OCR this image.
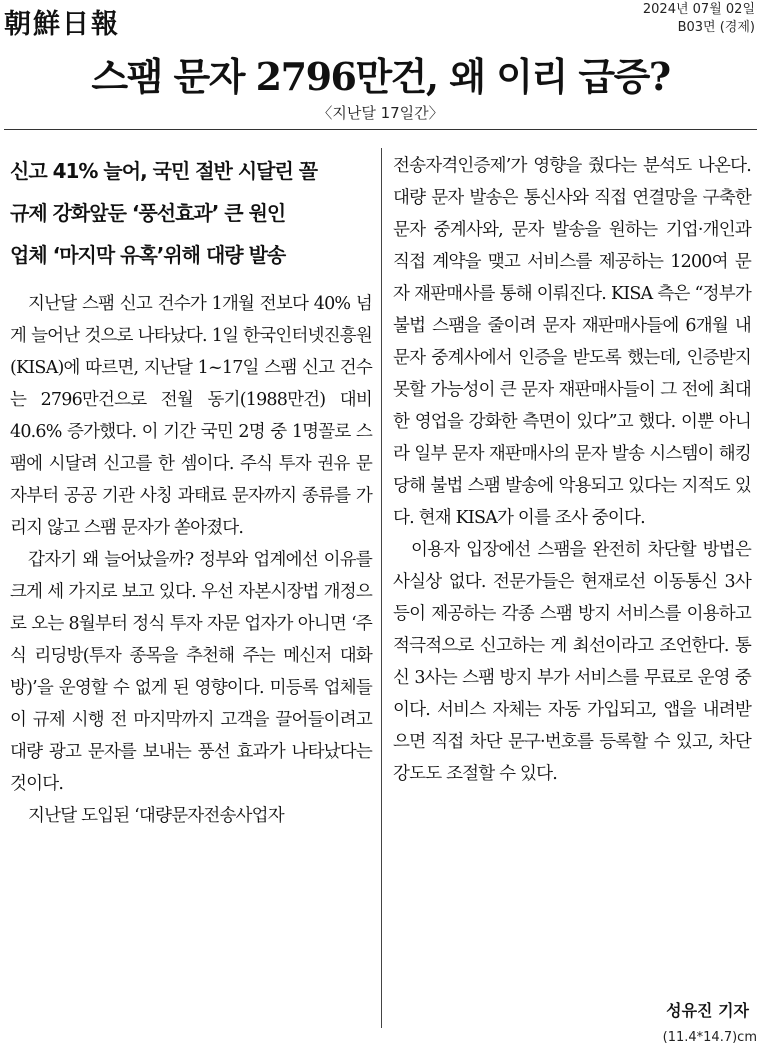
朝鮮日報	2024년 07월 02일
B03면 (경제)
스팸 문자 2796만건, 왜 이리 급증?
〈지난달 17일간〉
신고 41% 늘어, 국민 절반 시달린 꼴
규제 강화앞둔 ‘풍선효과’ 큰 원인
업체 ‘마지막 유혹’위해 대량 발송

지난달 스팸 신고 건수가 1개월 전보다 40% 넘게 늘어난 것으로 나타났다. 1일 한국인터넷진흥원(KISA)에 따르면, 지난달 1~17일 스팸 신고 건수는 2796만건으로 전월 동기(1988만건) 대비 40.6% 증가했다. 이 기간 국민 2명 중 1명꼴로 스팸에 시달려 신고를 한 셈이다. 주식 투자 권유 문자부터 공공 기관 사칭 과태료 문자까지 종류를 가리지 않고 스팸 문자가 쏟아졌다.

갑자기 왜 늘어났을까? 정부와 업계에선 이유를 크게 세 가지로 보고 있다. 우선 자본시장법 개정으로 오는 8월부터 정식 투자 자문 업자가 아니면 ‘주식 리딩방(투자 종목을 추천해 주는 메신저 대화방)’을 운영할 수 없게 된 영향이다. 미등록 업체들이 규제 시행 전 마지막까지 고객을 끌어들이려고 대량 광고 문자를 보내는 풍선 효과가 나타났다는 것이다.

지난달 도입된 ‘대량문자전송사업자

전송자격인증제’가 영향을 줬다는 분석도 나온다. 대량 문자 발송은 통신사와 직접 연결망을 구축한 문자 중계사와, 문자 발송을 원하는 기업·개인과 직접 계약을 맺고 서비스를 제공하는 1200여 문자 재판매사를 통해 이뤄진다. KISA 측은 “정부가 불법 스팸을 줄이려 문자 재판매사들에 6개월 내 문자 중계사에서 인증을 받도록 했는데, 인증받지 못할 가능성이 큰 문자 재판매사들이 그 전에 최대한 영업을 강화한 측면이 있다”고 했다. 이뿐 아니라 일부 문자 재판매사의 문자 발송 시스템이 해킹당해 불법 스팸 발송에 악용되고 있다는 지적도 있다. 현재 KISA가 이를 조사 중이다.

이용자 입장에선 스팸을 완전히 차단할 방법은 사실상 없다. 전문가들은 현재로선 이동통신 3사 등이 제공하는 각종 스팸 방지 서비스를 이용하고 적극적으로 신고하는 게 최선이라고 조언한다. 통신 3사는 스팸 방지 부가 서비스를 무료로 운영 중이다. 서비스 자체는 자동 가입되고, 앱을 내려받으면 직접 차단 문구·번호를 등록할 수 있고, 차단 강도도 조절할 수 있다.

성유진 기자
(11.4*14.7)cm
